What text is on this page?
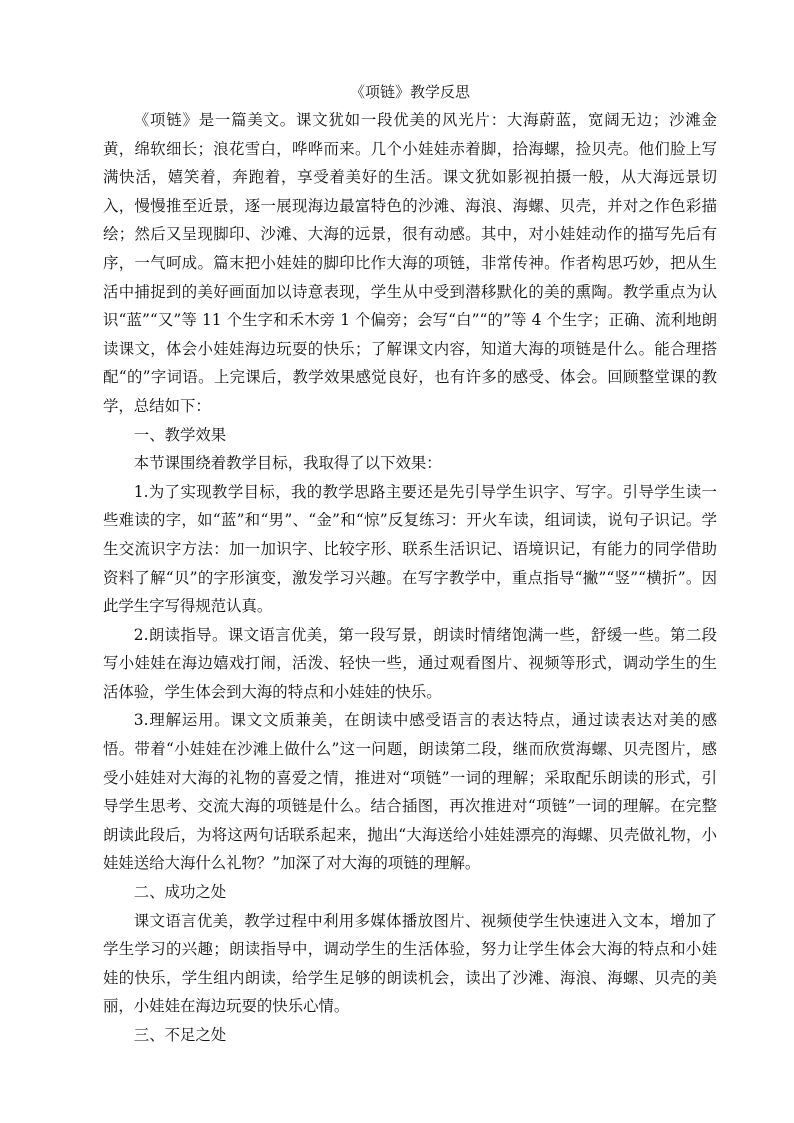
《项链》教学反思

《项链》是一篇美文。课文犹如一段优美的风光片：大海蔚蓝，宽阔无边；沙滩金黄，绵软细长；浪花雪白，哗哗而来。几个小娃娃赤着脚，拾海螺，捡贝壳。他们脸上写满快活，嬉笑着，奔跑着，享受着美好的生活。课文犹如影视拍摄一般，从大海远景切入，慢慢推至近景，逐一展现海边最富特色的沙滩、海浪、海螺、贝壳，并对之作色彩描绘；然后又呈现脚印、沙滩、大海的远景，很有动感。其中，对小娃娃动作的描写先后有序，一气呵成。篇末把小娃娃的脚印比作大海的项链，非常传神。作者构思巧妙，把从生活中捕捉到的美好画面加以诗意表现，学生从中受到潜移默化的美的熏陶。教学重点为认识“蓝”“又”等 11 个生字和禾木旁 1 个偏旁；会写“白”“的”等 4 个生字；正确、流利地朗读课文，体会小娃娃海边玩耍的快乐；了解课文内容，知道大海的项链是什么。能合理搭配“的”字词语。上完课后，教学效果感觉良好，也有许多的感受、体会。回顾整堂课的教学，总结如下：

一、教学效果

本节课围绕着教学目标，我取得了以下效果：

1.为了实现教学目标，我的教学思路主要还是先引导学生识字、写字。引导学生读一些难读的字，如“蓝”和“男”、“金”和“惊”反复练习：开火车读，组词读，说句子识记。学生交流识字方法：加一加识字、比较字形、联系生活识记、语境识记，有能力的同学借助资料了解“贝”的字形演变，激发学习兴趣。在写字教学中，重点指导“撇”“竖”“横折”。因此学生字写得规范认真。

2.朗读指导。课文语言优美，第一段写景，朗读时情绪饱满一些，舒缓一些。第二段写小娃娃在海边嬉戏打闹，活泼、轻快一些，通过观看图片、视频等形式，调动学生的生活体验，学生体会到大海的特点和小娃娃的快乐。

3.理解运用。课文文质兼美，在朗读中感受语言的表达特点，通过读表达对美的感悟。带着“小娃娃在沙滩上做什么”这一问题，朗读第二段，继而欣赏海螺、贝壳图片，感受小娃娃对大海的礼物的喜爱之情，推进对“项链”一词的理解；采取配乐朗读的形式，引导学生思考、交流大海的项链是什么。结合插图，再次推进对“项链”一词的理解。在完整朗读此段后，为将这两句话联系起来，抛出“大海送给小娃娃漂亮的海螺、贝壳做礼物，小娃娃送给大海什么礼物？”加深了对大海的项链的理解。

二、成功之处

课文语言优美，教学过程中利用多媒体播放图片、视频使学生快速进入文本，增加了学生学习的兴趣；朗读指导中，调动学生的生活体验，努力让学生体会大海的特点和小娃娃的快乐，学生组内朗读，给学生足够的朗读机会，读出了沙滩、海浪、海螺、贝壳的美丽，小娃娃在海边玩耍的快乐心情。

三、不足之处
